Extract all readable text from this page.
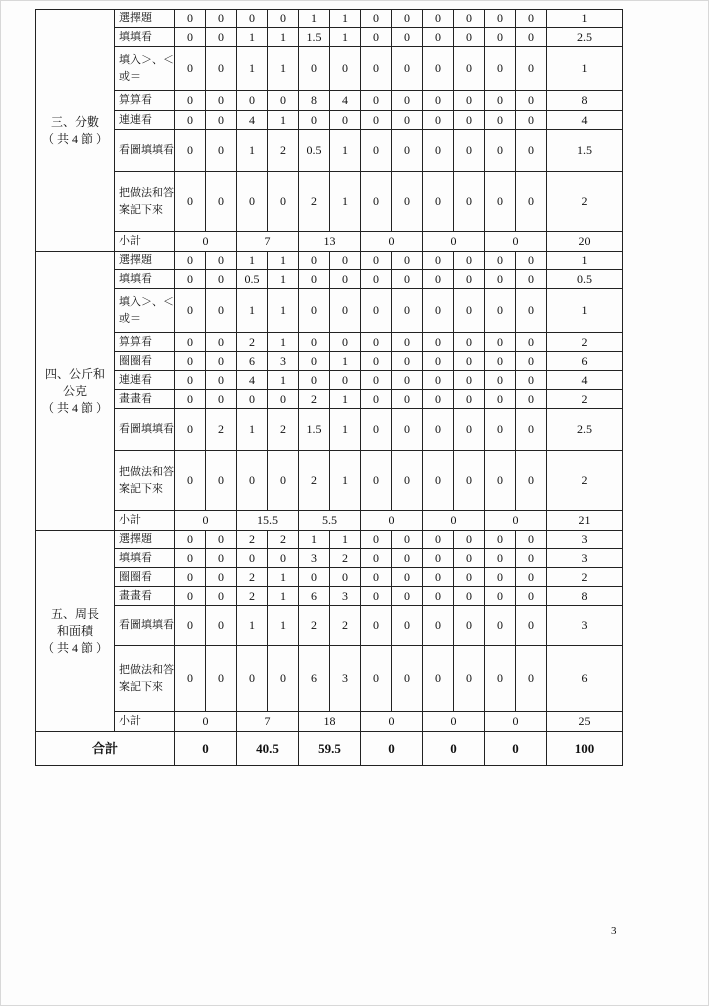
三、分數
（ 共 4 節 ）	選擇題	0	0	0	0	1	1	0	0	0	0	0	0	1
	填填看	0	0	1	1	1.5	1	0	0	0	0	0	0	2.5
	填入＞、＜或＝	0	0	1	1	0	0	0	0	0	0	0	0	1
	算算看	0	0	0	0	8	4	0	0	0	0	0	0	8
	連連看	0	0	4	1	0	0	0	0	0	0	0	0	4
	看圖填填看	0	0	1	2	0.5	1	0	0	0	0	0	0	1.5
	把做法和答案記下來	0	0	0	0	2	1	0	0	0	0	0	0	2
	小計	0		7		13		0		0		0		20

四、公斤和
公克
（ 共 4 節 ）	選擇題	0	0	1	1	0	0	0	0	0	0	0	0	1
	填填看	0	0	0.5	1	0	0	0	0	0	0	0	0	0.5
	填入＞、＜或＝	0	0	1	1	0	0	0	0	0	0	0	0	1
	算算看	0	0	2	1	0	0	0	0	0	0	0	0	2
	圈圈看	0	0	6	3	0	1	0	0	0	0	0	0	6
	連連看	0	0	4	1	0	0	0	0	0	0	0	0	4
	畫畫看	0	0	0	0	2	1	0	0	0	0	0	0	2
	看圖填填看	0	2	1	2	1.5	1	0	0	0	0	0	0	2.5
	把做法和答案記下來	0	0	0	0	2	1	0	0	0	0	0	0	2
	小計	0		15.5		5.5		0		0		0		21

五、周長
和面積
（ 共 4 節 ）	選擇題	0	0	2	2	1	1	0	0	0	0	0	0	3
	填填看	0	0	0	0	3	2	0	0	0	0	0	0	3
	圈圈看	0	0	2	1	0	0	0	0	0	0	0	0	2
	畫畫看	0	0	2	1	6	3	0	0	0	0	0	0	8
	看圖填填看	0	0	1	1	2	2	0	0	0	0	0	0	3
	把做法和答案記下來	0	0	0	0	6	3	0	0	0	0	0	0	6
	小計	0		7		18		0		0		0		25
合計		0		40.5		59.5		0		0		0		100
3
